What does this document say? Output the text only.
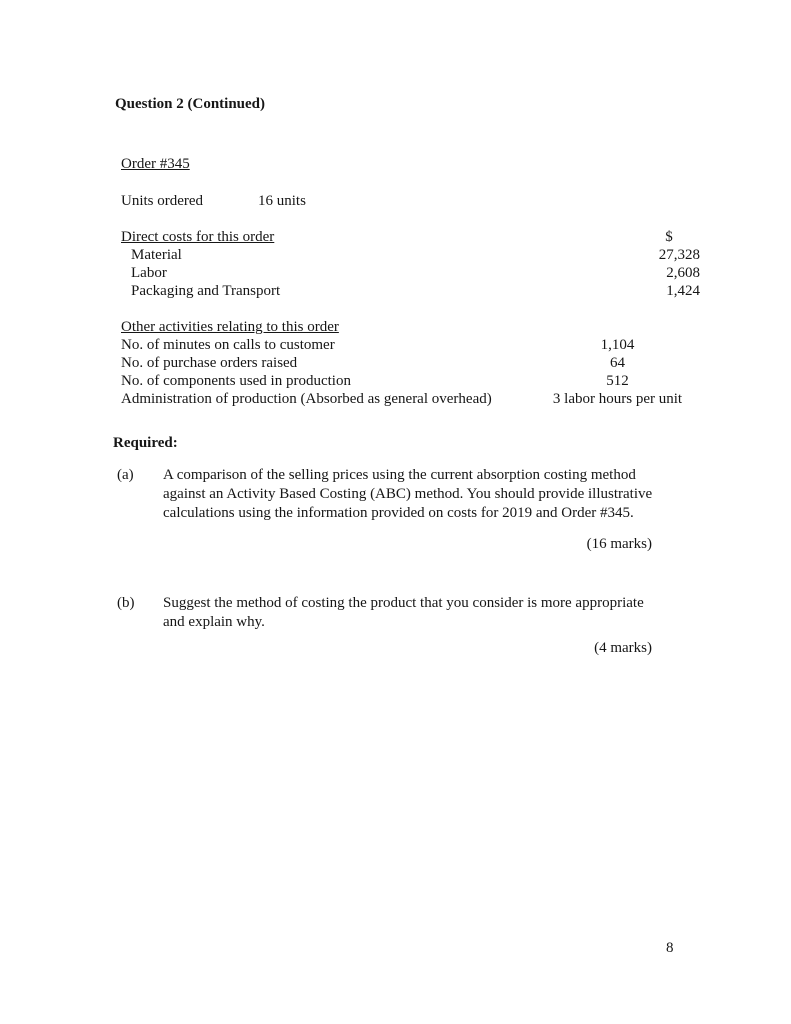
Question 2 (Continued)
Order #345
Units ordered	16 units
Direct costs for this order	$
Material	27,328
Labor	2,608
Packaging and Transport	1,424
Other activities relating to this order
No. of minutes on calls to customer	1,104
No. of purchase orders raised	64
No. of components used in production	512
Administration of production (Absorbed as general overhead)	3 labor hours per unit
Required:
(a)	A comparison of the selling prices using the current absorption costing method against an Activity Based Costing (ABC) method. You should provide illustrative calculations using the information provided on costs for 2019 and Order #345.
(16 marks)
(b)	Suggest the method of costing the product that you consider is more appropriate and explain why.
(4 marks)
8
